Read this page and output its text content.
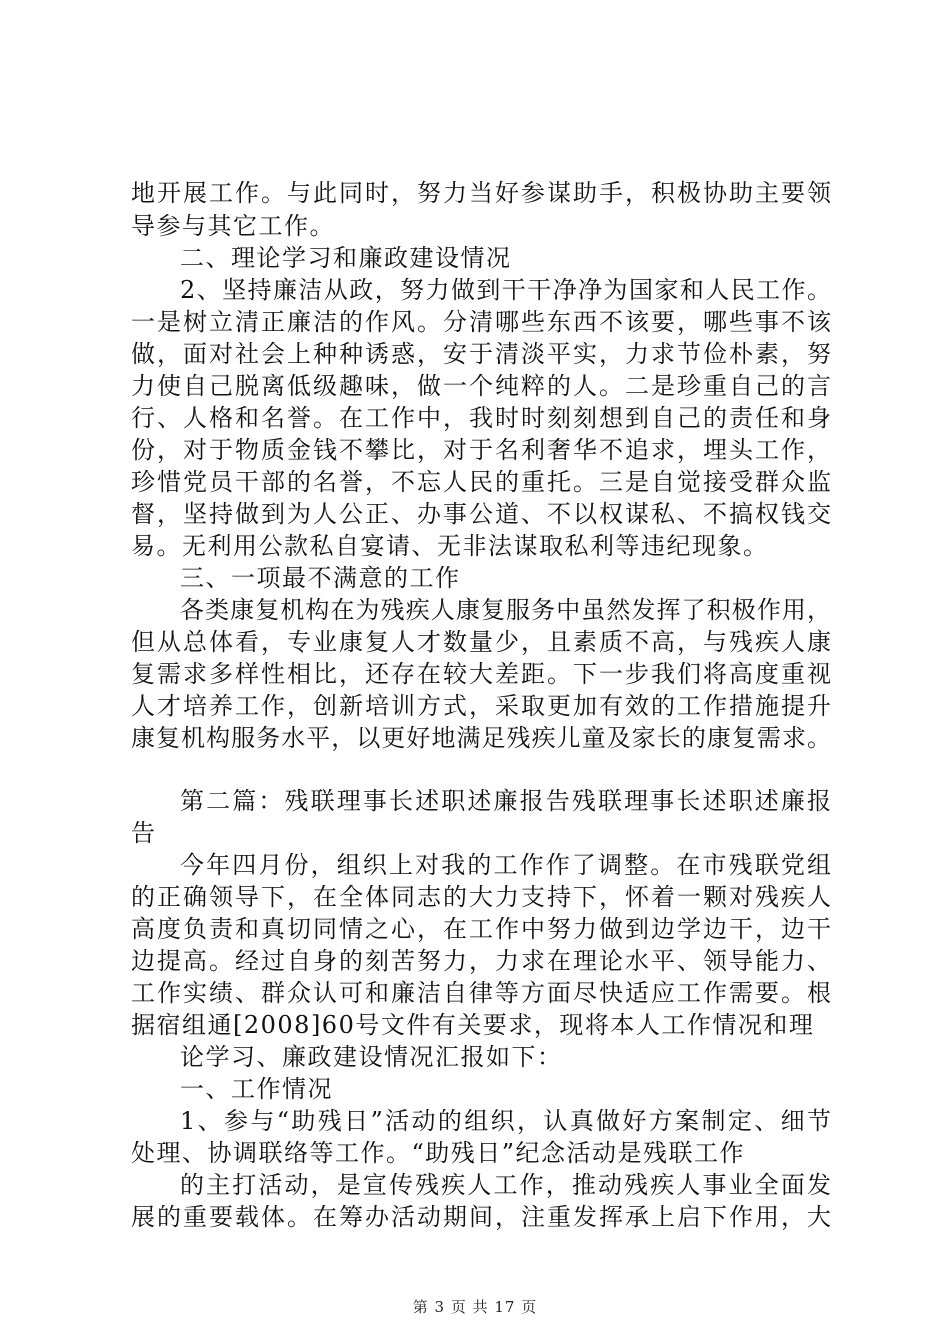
地开展工作。与此同时，努力当好参谋助手，积极协助主要领
导参与其它工作。
二、理论学习和廉政建设情况
2、坚持廉洁从政，努力做到干干净净为国家和人民工作。
一是树立清正廉洁的作风。分清哪些东西不该要，哪些事不该
做，面对社会上种种诱惑，安于清淡平实，力求节俭朴素，努
力使自己脱离低级趣味，做一个纯粹的人。二是珍重自己的言
行、人格和名誉。在工作中，我时时刻刻想到自己的责任和身
份，对于物质金钱不攀比，对于名利奢华不追求，埋头工作，
珍惜党员干部的名誉，不忘人民的重托。三是自觉接受群众监
督，坚持做到为人公正、办事公道、不以权谋私、不搞权钱交
易。无利用公款私自宴请、无非法谋取私利等违纪现象。
三、一项最不满意的工作
各类康复机构在为残疾人康复服务中虽然发挥了积极作用，
但从总体看，专业康复人才数量少，且素质不高，与残疾人康
复需求多样性相比，还存在较大差距。下一步我们将高度重视
人才培养工作，创新培训方式，采取更加有效的工作措施提升
康复机构服务水平，以更好地满足残疾儿童及家长的康复需求。
第二篇：残联理事长述职述廉报告残联理事长述职述廉报
告
今年四月份，组织上对我的工作作了调整。在市残联党组
的正确领导下，在全体同志的大力支持下，怀着一颗对残疾人
高度负责和真切同情之心，在工作中努力做到边学边干，边干
边提高。经过自身的刻苦努力，力求在理论水平、领导能力、
工作实绩、群众认可和廉洁自律等方面尽快适应工作需要。根
据宿组通[2008]60号文件有关要求，现将本人工作情况和理
论学习、廉政建设情况汇报如下：
一、工作情况
1、参与“助残日”活动的组织，认真做好方案制定、细节
处理、协调联络等工作。“助残日”纪念活动是残联工作
的主打活动，是宣传残疾人工作，推动残疾人事业全面发
展的重要载体。在筹办活动期间，注重发挥承上启下作用，大
第 3 页 共 17 页
